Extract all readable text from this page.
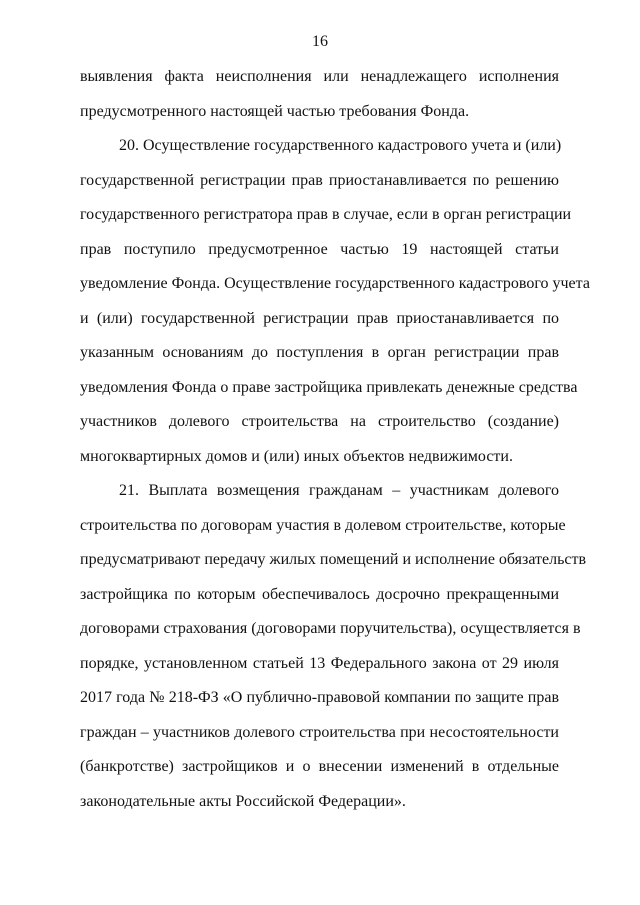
16
выявления факта неисполнения или ненадлежащего исполнения
предусмотренного настоящей частью требования Фонда.
20. Осуществление государственного кадастрового учета и (или)
государственной регистрации прав приостанавливается по решению
государственного регистратора прав в случае, если в орган регистрации
прав поступило предусмотренное частью 19 настоящей статьи
уведомление Фонда. Осуществление государственного кадастрового учета
и (или) государственной регистрации прав приостанавливается по
указанным основаниям до поступления в орган регистрации прав
уведомления Фонда о праве застройщика привлекать денежные средства
участников долевого строительства на строительство (создание)
многоквартирных домов и (или) иных объектов недвижимости.
21. Выплата возмещения гражданам – участникам долевого
строительства по договорам участия в долевом строительстве, которые
предусматривают передачу жилых помещений и исполнение обязательств
застройщика по которым обеспечивалось досрочно прекращенными
договорами страхования (договорами поручительства), осуществляется в
порядке, установленном статьей 13 Федерального закона от 29 июля
2017 года № 218-ФЗ «О публично-правовой компании по защите прав
граждан – участников долевого строительства при несостоятельности
(банкротстве) застройщиков и о внесении изменений в отдельные
законодательные акты Российской Федерации».
